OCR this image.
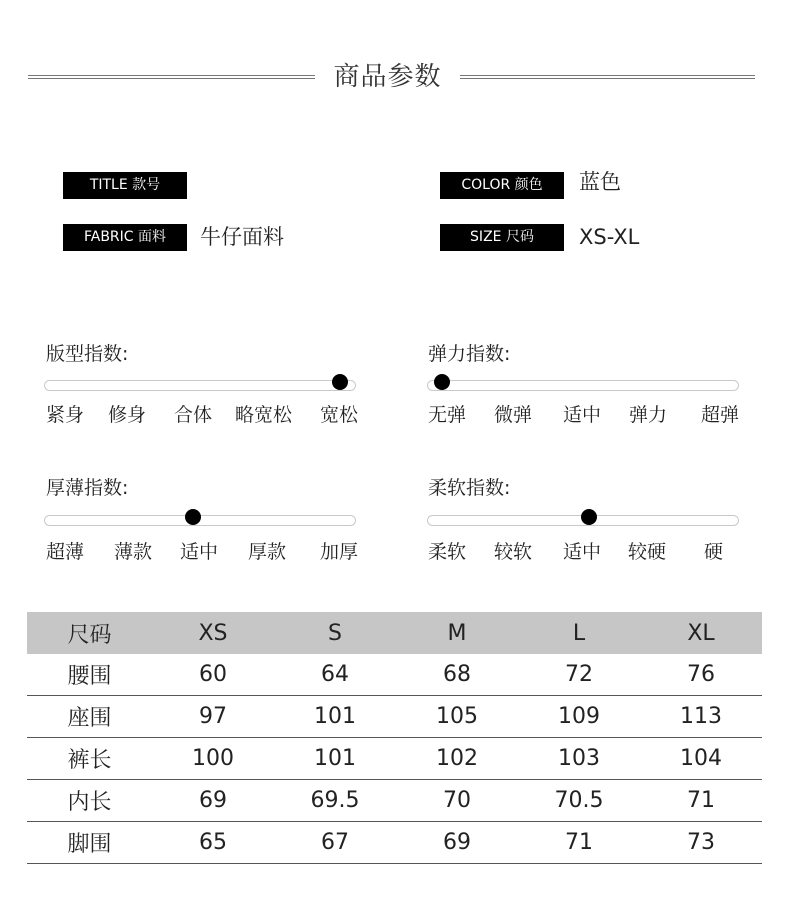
商品参数
TITLE 款号	COLOR 颜色	蓝色
FABRIC 面料	牛仔面料	SIZE 尺码	XS-XL
版型指数:
紧身 修身 合体 略宽松 宽松
弹力指数:
无弹 微弹 适中 弹力 超弹
厚薄指数:
超薄 薄款 适中 厚款 加厚
柔软指数:
柔软 较软 适中 较硬 硬
尺码	XS	S	M	L	XL
腰围	60	64	68	72	76
座围	97	101	105	109	113
裤长	100	101	102	103	104
内长	69	69.5	70	70.5	71
脚围	65	67	69	71	73
